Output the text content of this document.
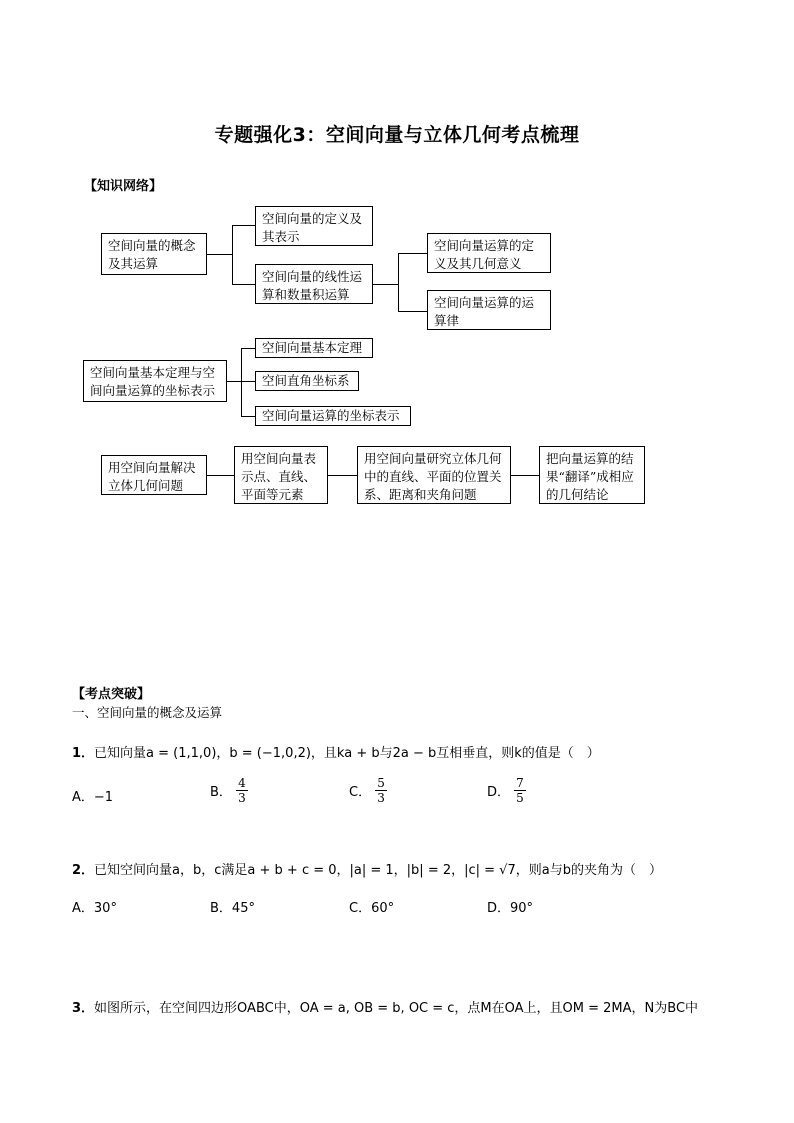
专题强化3：空间向量与立体几何考点梳理
【知识网络】
空间向量的概念及其运算
空间向量的定义及其表示
空间向量的线性运算和数量积运算
空间向量运算的定义及其几何意义
空间向量运算的运算律
空间向量基本定理与空间向量运算的坐标表示
空间向量基本定理
空间直角坐标系
空间向量运算的坐标表示
用空间向量解决立体几何问题
用空间向量表示点、直线、平面等元素
用空间向量研究立体几何中的直线、平面的位置关系、距离和夹角问题
把向量运算的结果“翻译”成相应的几何结论
【考点突破】
一、空间向量的概念及运算
1．已知向量a = (1,1,0)，b = (−1,0,2)，且ka + b与2a − b互相垂直，则k的值是（　）
A．−1	B． $\frac{4}{3}$	C． $\frac{5}{3}$	D． $\frac{7}{5}$
2．已知空间向量a，b，c满足a + b + c = 0，|a| = 1，|b| = 2，|c| = √7，则a与b的夹角为（　）
A．30°	B．45°	C．60°	D．90°
3．如图所示，在空间四边形OABC中，OA = a, OB = b, OC = c，点M在OA上，且OM = 2MA，N为BC中
